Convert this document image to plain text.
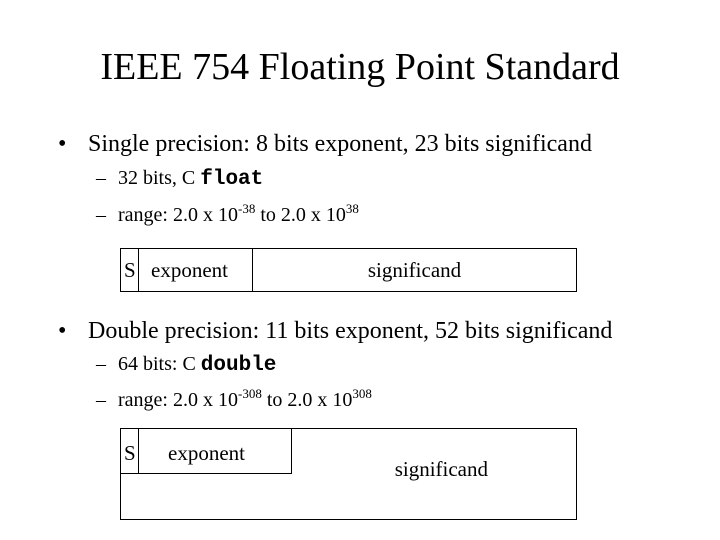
IEEE 754 Floating Point Standard
• Single precision: 8 bits exponent, 23 bits significand
– 32 bits, C float
– range: 2.0 x $10^{-38}$ to 2.0 x $10^{38}$
S exponent	significand
• Double precision: 11 bits exponent, 52 bits significand
– 64 bits: C double
– range: 2.0 x $10^{-308}$ to 2.0 x $10^{308}$
S	exponent
significand
